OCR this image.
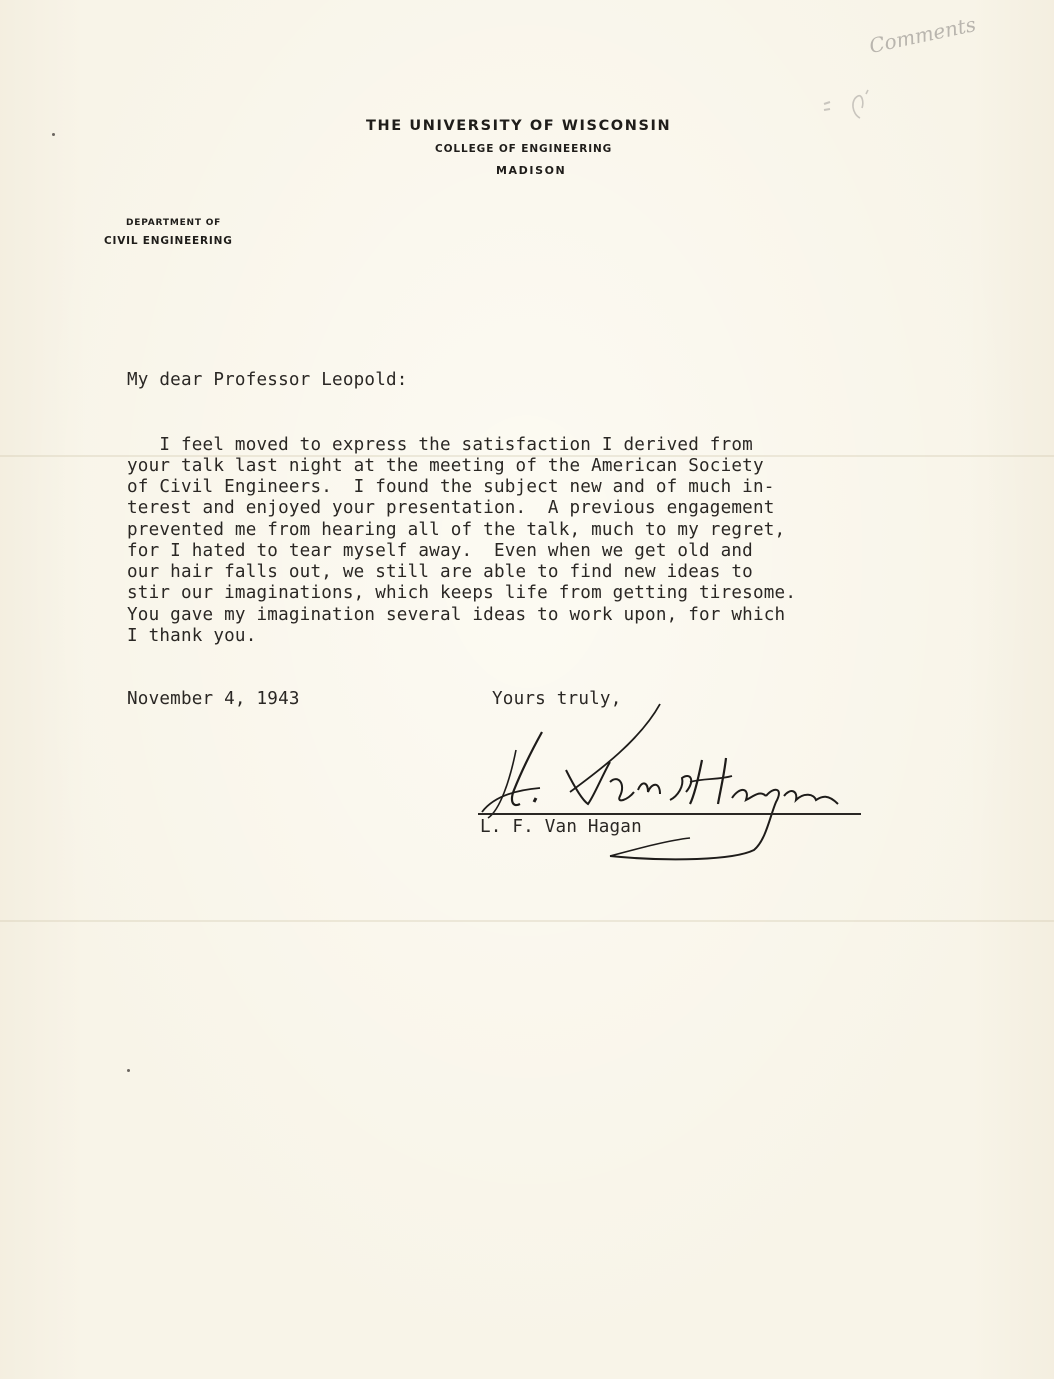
Comments
THE UNIVERSITY OF WISCONSIN
COLLEGE OF ENGINEERING
MADISON
DEPARTMENT OF
CIVIL ENGINEERING
My dear Professor Leopold:
I feel moved to express the satisfaction I derived from
your talk last night at the meeting of the American Society
of Civil Engineers.  I found the subject new and of much in-
terest and enjoyed your presentation.  A previous engagement
prevented me from hearing all of the talk, much to my regret,
for I hated to tear myself away.  Even when we get old and
our hair falls out, we still are able to find new ideas to
stir our imaginations, which keeps life from getting tiresome.
You gave my imagination several ideas to work upon, for which
I thank you.
November 4, 1943	Yours truly,
L. F. Van Hagan
